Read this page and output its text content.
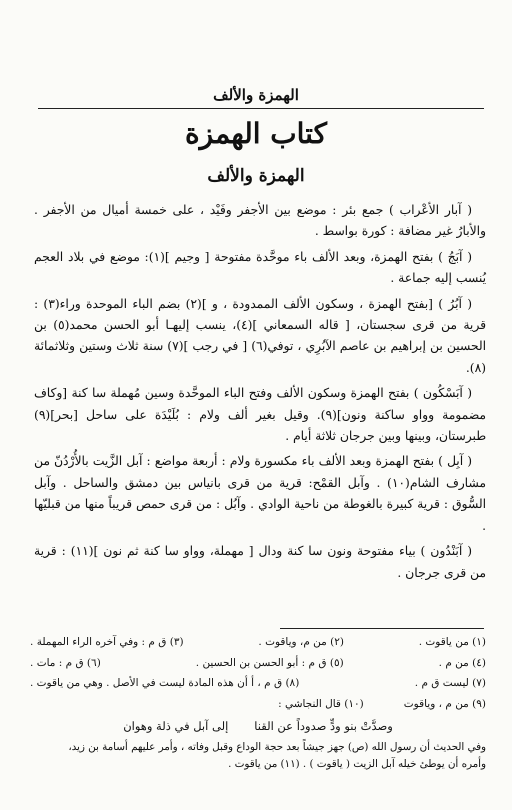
الهمزة والألف
كتاب الهمزة
الهمزة والألف

( آبار الأعْراب ) جمع بئر : موضع بين الأجفر وفَيْد ، على خمسة أميال من الأجفر . والأبارُ غير مضافة : كورة بواسط .

( آبَجُ ) بفتح الهمزة، وبعد الألف باء موحَّدة مفتوحة [ وجيم ](١): موضع في بلاد العجم يُنسب إليه جماعة .

( آبُرُ ) [بفتح الهمزة ، وسكون الألف الممدودة ، و ](٢) بضم الباء الموحدة وراء(٣) : قرية من قرى سجستان، [ قاله السمعاني ](٤)، ينسب إليهـا أبو الحسن محمد(٥) بن الحسين بن إبراهيم بن عاصم الآبُرِي ، توفي(٦) [ في رجب ](٧) سنة ثلاث وستين وثلاثمائة (٨).

( آبَسْكُون ) بفتح الهمزة وسكون الألف وفتح الباء الموحَّدة وسين مُهملة سا كنة [وكاف مضمومة وواو ساكنة ونون](٩). وقيل بغير ألف ولام : بُلَيْدَة على ساحل [بحر](٩) طبرستان، وبينها وبين جرجان ثلاثة أيام .

( آبِل ) بفتح الهمزة وبعد الألف باء مكسورة ولام : أربعة مواضع : آبل الزَّيت بالأُرْدُنّ من مشارف الشام(١٠) . وآبل القمْح: قرية من قرى بانياس بين دمشق والساحل . وآبل السُّوق : قرية كبيرة بالغوطة من ناحية الوادي . وآبُل : من قرى حمص قريباً منها من قبليّها .

( آبَنْدُون ) بياء مفتوحة ونون سا كنة ودال [ مهملة، وواو سا كنة ثم نون ](١١) : قرية من قرى جرجان .

(١) من ياقوت .
(٢) من م، وياقوت .
(٣) ق م : وفي آخره الراء المهملة .
(٤) من م .
(٥) ق م : أبو الحسن بن الحسين .
(٦) ق م : مات .
(٧) ليست ق م .
(٨) ق م ، أ أن هذه المادة ليست في الأصل . وهي من ياقوت .
(٩) من م ، وياقوت
(١٠) قال النجاشي :
وصدَّتْ بنو ودٍّ صدوداً عن القنا
إلى آبل في ذلة وهوان
وفي الحديث أن رسول الله (ص) جهز جيشاً بعد حجة الوداع وقبل وفاته ، وأمر عليهم أسامة بن زيد،
وأمره أن يوطئ خيله آبل الزيت ( ياقوت ) . (١١) من ياقوت .
